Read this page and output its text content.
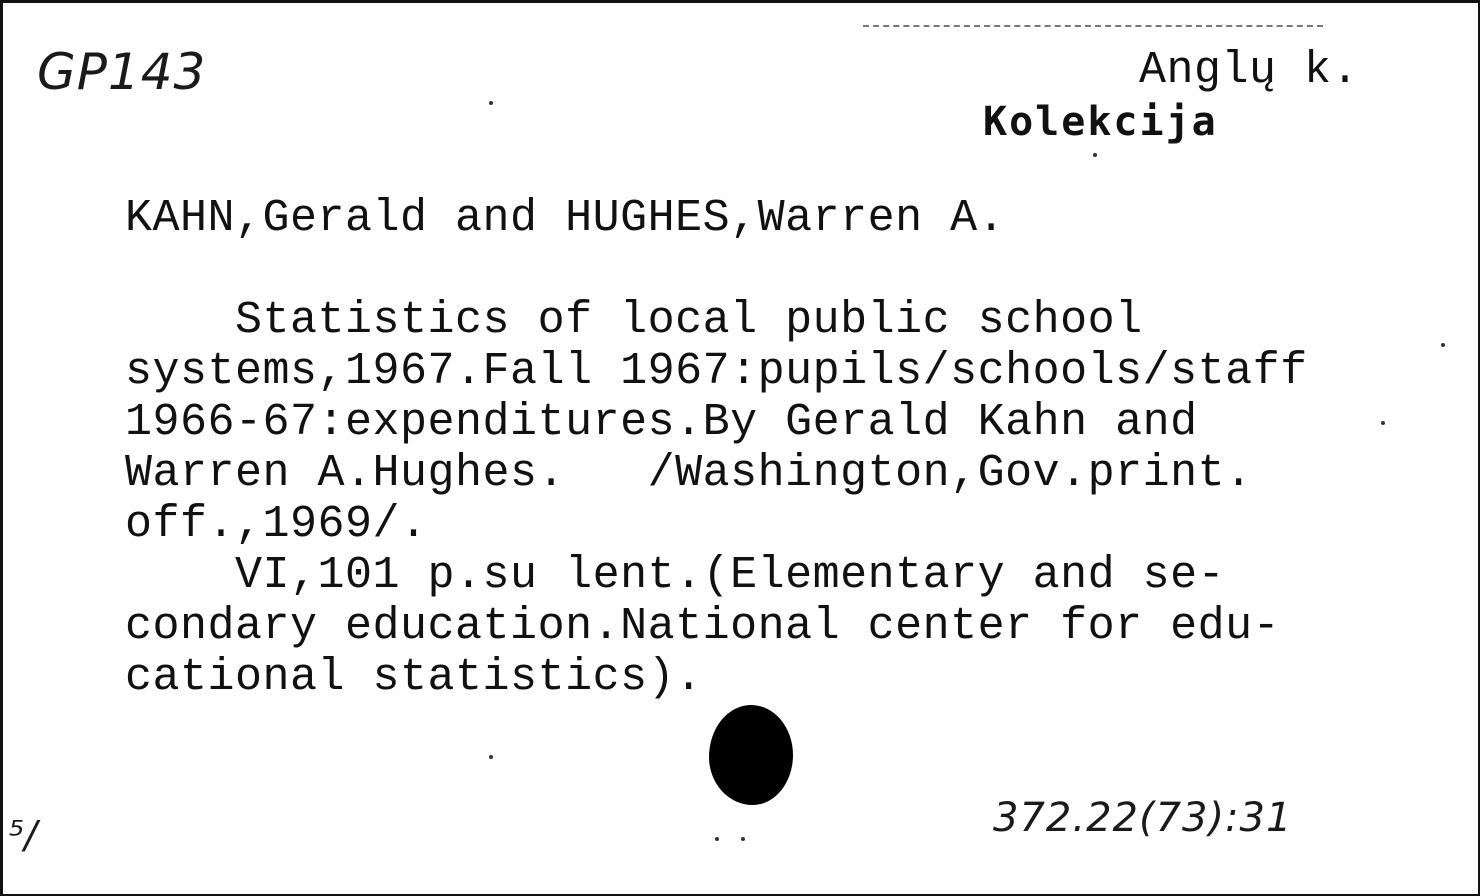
GP143	Anglų k.
Kolekcija
KAHN,Gerald and HUGHES,Warren A.
Statistics of local public school
systems,1967.Fall 1967:pupils/schools/staff
1966-67:expenditures.By Gerald Kahn and
Warren A.Hughes.   /Washington,Gov.print.
off.,1969/.
VI,101 p.su lent.(Elementary and se-
condary education.National center for edu-
cational statistics).
372.22(73):31
⁵/
